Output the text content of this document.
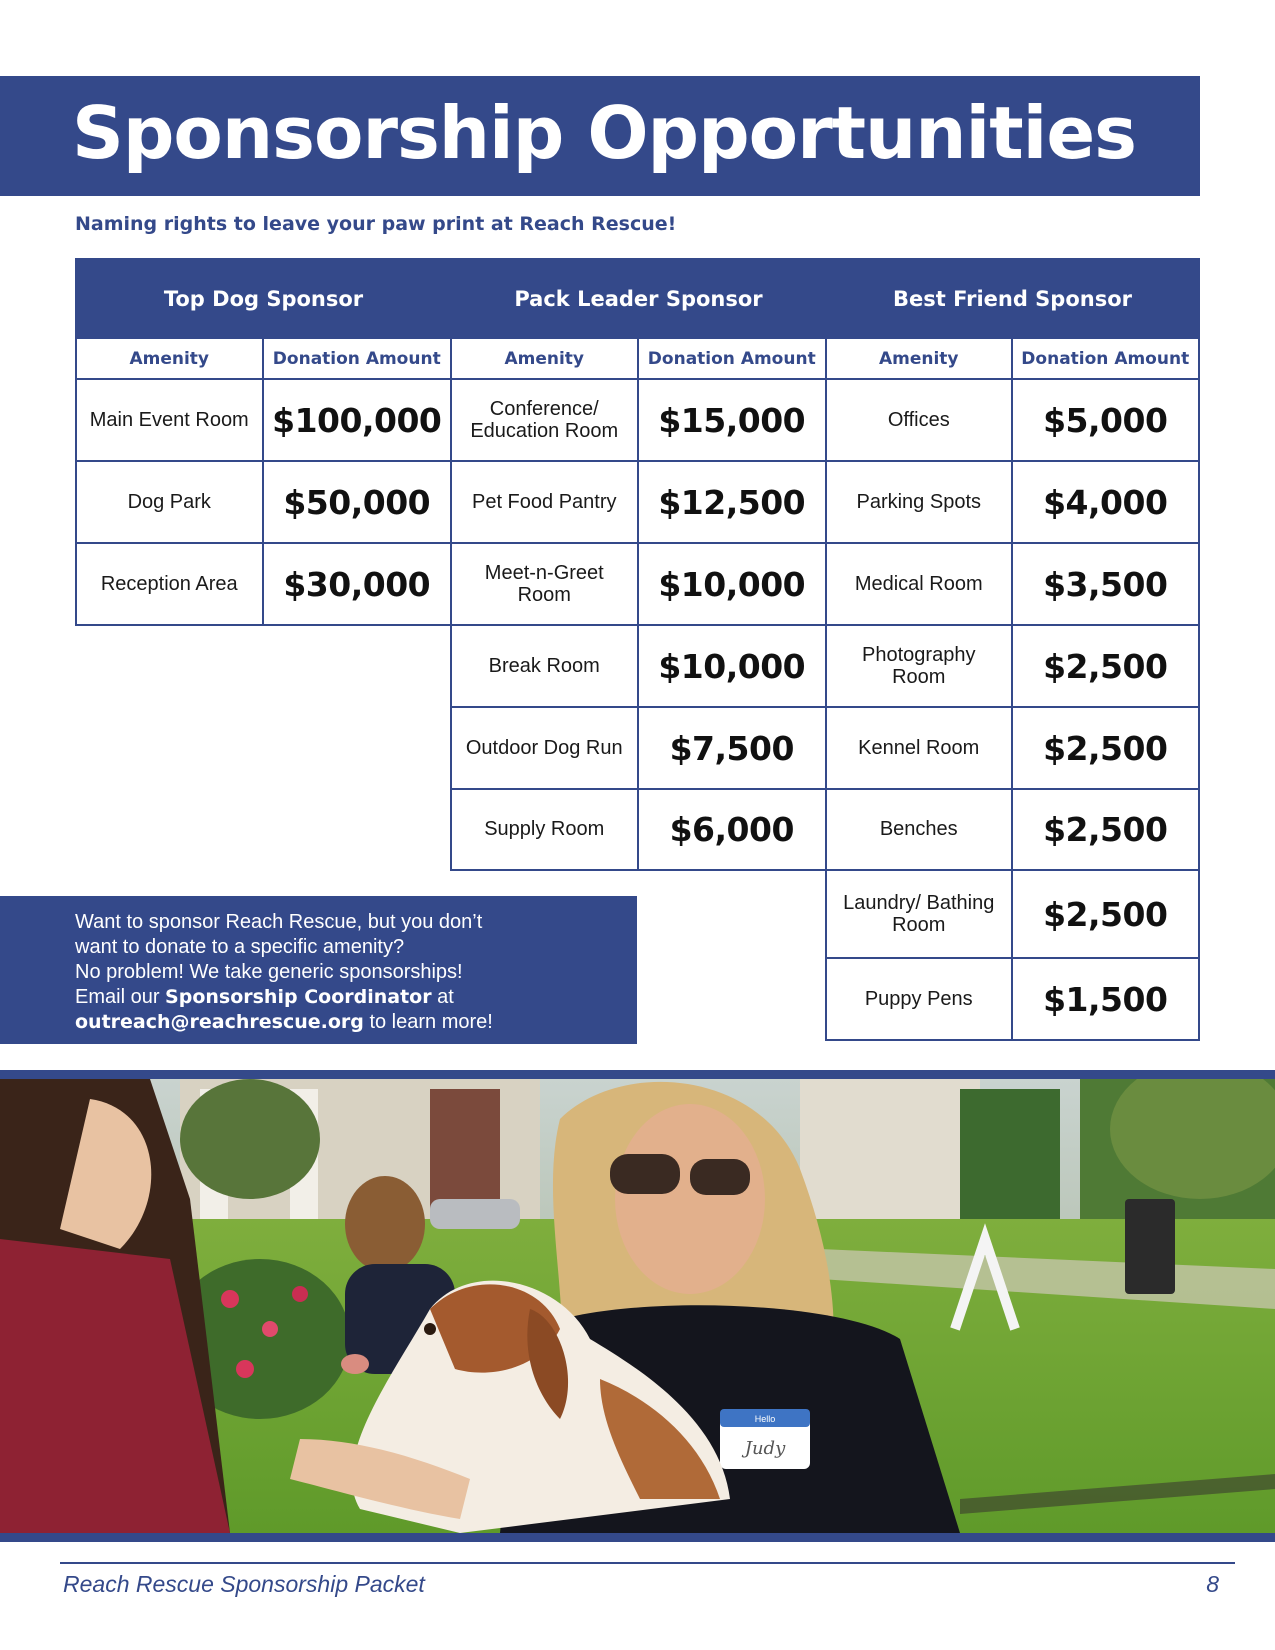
Sponsorship Opportunities
Naming rights to leave your paw print at Reach Rescue!
Top Dog Sponsor
Amenity	Donation Amount
Main Event Room $100,000
Dog Park	$50,000
Reception Area	$30,000
Pack Leader Sponsor
Amenity	Donation Amount
Conference/ Education Room	$15,000
Pet Food Pantry	$12,500
Meet-n-Greet Room	$10,000
Break Room	$10,000
Outdoor Dog Run	$7,500
Supply Room	$6,000
Best Friend Sponsor
Amenity	Donation Amount
Offices	$5,000
Parking Spots	$4,000
Medical Room	$3,500
Photography Room	$2,500
Kennel Room	$2,500
Benches	$2,500
Laundry/ Bathing Room	$2,500
Puppy Pens	$1,500
Want to sponsor Reach Rescue, but you don’t
want to donate to a specific amenity?
No problem! We take generic sponsorships!
Email our Sponsorship Coordinator at
outreach@reachrescue.org to learn more!
Hello
Judy
Reach Rescue Sponsorship Packet	8
